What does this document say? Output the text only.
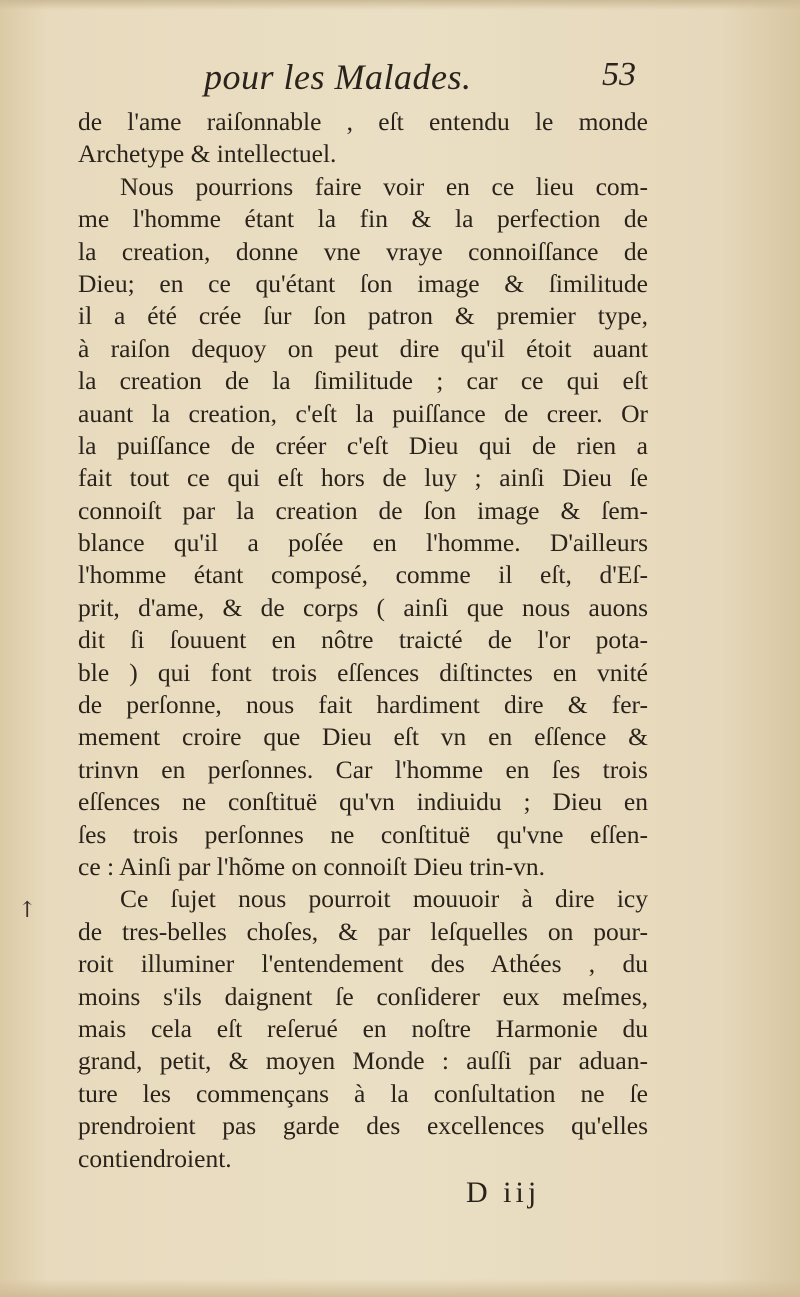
pour les Malades.	53
↑
de l'ame raiſonnable , eſt entendu le monde
Archetype & intellectuel.
Nous pourrions faire voir en ce lieu com-
me l'homme étant la fin & la perfection de
la creation, donne vne vraye connoiſſance de
Dieu; en ce qu'étant ſon image & ſimilitude
il a été crée ſur ſon patron & premier type,
à raiſon dequoy on peut dire qu'il étoit auant
la creation de la ſimilitude ; car ce qui eſt
auant la creation, c'eſt la puiſſance de creer. Or
la puiſſance de créer c'eſt Dieu qui de rien a
fait tout ce qui eſt hors de luy ; ainſi Dieu ſe
connoiſt par la creation de ſon image & ſem-
blance qu'il a poſée en l'homme. D'ailleurs
l'homme étant composé, comme il eſt, d'Eſ-
prit, d'ame, & de corps ( ainſi que nous auons
dit ſi ſouuent en nôtre traicté de l'or pota-
ble ) qui font trois eſſences diſtinctes en vnité
de perſonne, nous fait hardiment dire & fer-
mement croire que Dieu eſt vn en eſſence &
trinvn en perſonnes. Car l'homme en ſes trois
eſſences ne conſtituë qu'vn indiuidu ; Dieu en
ſes trois perſonnes ne conſtituë qu'vne eſſen-
ce : Ainſi par l'hõme on connoiſt Dieu trin-vn.
Ce ſujet nous pourroit mouuoir à dire icy
de tres-belles choſes, & par leſquelles on pour-
roit illuminer l'entendement des Athées , du
moins s'ils daignent ſe conſiderer eux meſmes,
mais cela eſt reſerué en noſtre Harmonie du
grand, petit, & moyen Monde : auſſi par aduan-
ture les commençans à la conſultation ne ſe
prendroient pas garde des excellences qu'elles
contiendroient.
D iij
